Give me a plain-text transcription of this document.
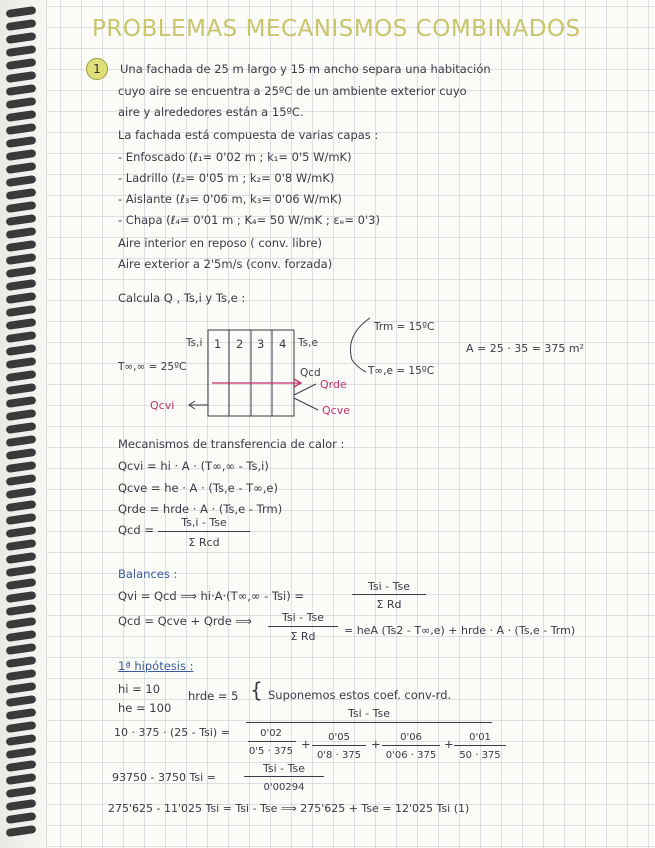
PROBLEMAS MECANISMOS COMBINADOS
1	Una fachada de 25 m largo y 15 m ancho separa una habitación
cuyo aire se encuentra a 25ºC de un ambiente exterior cuyo
aire y alrededores están a 15ºC.
La fachada está compuesta de varias capas :
- Enfoscado (ℓ₁= 0'02 m ; k₁= 0'5 W/mK)
- Ladrillo (ℓ₂= 0'05 m ; k₂= 0'8 W/mK)
- Aislante (ℓ₃= 0'06 m, k₃= 0'06 W/mK)
- Chapa (ℓ₄= 0'01 m ; K₄= 50 W/mK ; εₑ= 0'3)
Aire interior en reposo ( conv. libre)
Aire exterior a 2'5m/s (conv. forzada)
Calcula Q , Ts,i y Ts,e :
Ts,i 1 2 3 4 Ts,e
T∞,∞ = 25ºC	Qcd
Qrde
Qcve
Qcvi
Trm = 15ºC
T∞,e = 15ºC
A = 25 · 35 = 375 m²
Mecanismos de transferencia de calor :
Qcvi = hi · A · (T∞,∞ - Ts,i)
Qcve = he · A · (Ts,e - T∞,e)
Qrde = hrde · A · (Ts,e - Trm)
Qcd =
Ts,i - Tse
Σ Rcd
Balances :
Qvi = Qcd ⟹ hi·A·(T∞,∞ - Tsi) =
Tsi - Tse
Σ Rd
Qcd = Qcve + Qrde ⟹	Tsi - Tse
Σ Rd	= heA (Ts2 - T∞,e) + hrde · A · (Ts,e - Trm)
1ª hipótesis :
hi = 10
he = 100
hrde = 5 { Suponemos estos coef. conv-rd.
10 · 375 · (25 - Tsi) =
Tsi - Tse
0'02
0'5 · 375
+	0'05
0'8 · 375
+	0'06
0'06 · 375
+	0'01
50 · 375
93750 - 3750 Tsi =
Tsi - Tse
0'00294
275'625 - 11'025 Tsi = Tsi - Tse ⟹ 275'625 + Tse = 12'025 Tsi (1)
